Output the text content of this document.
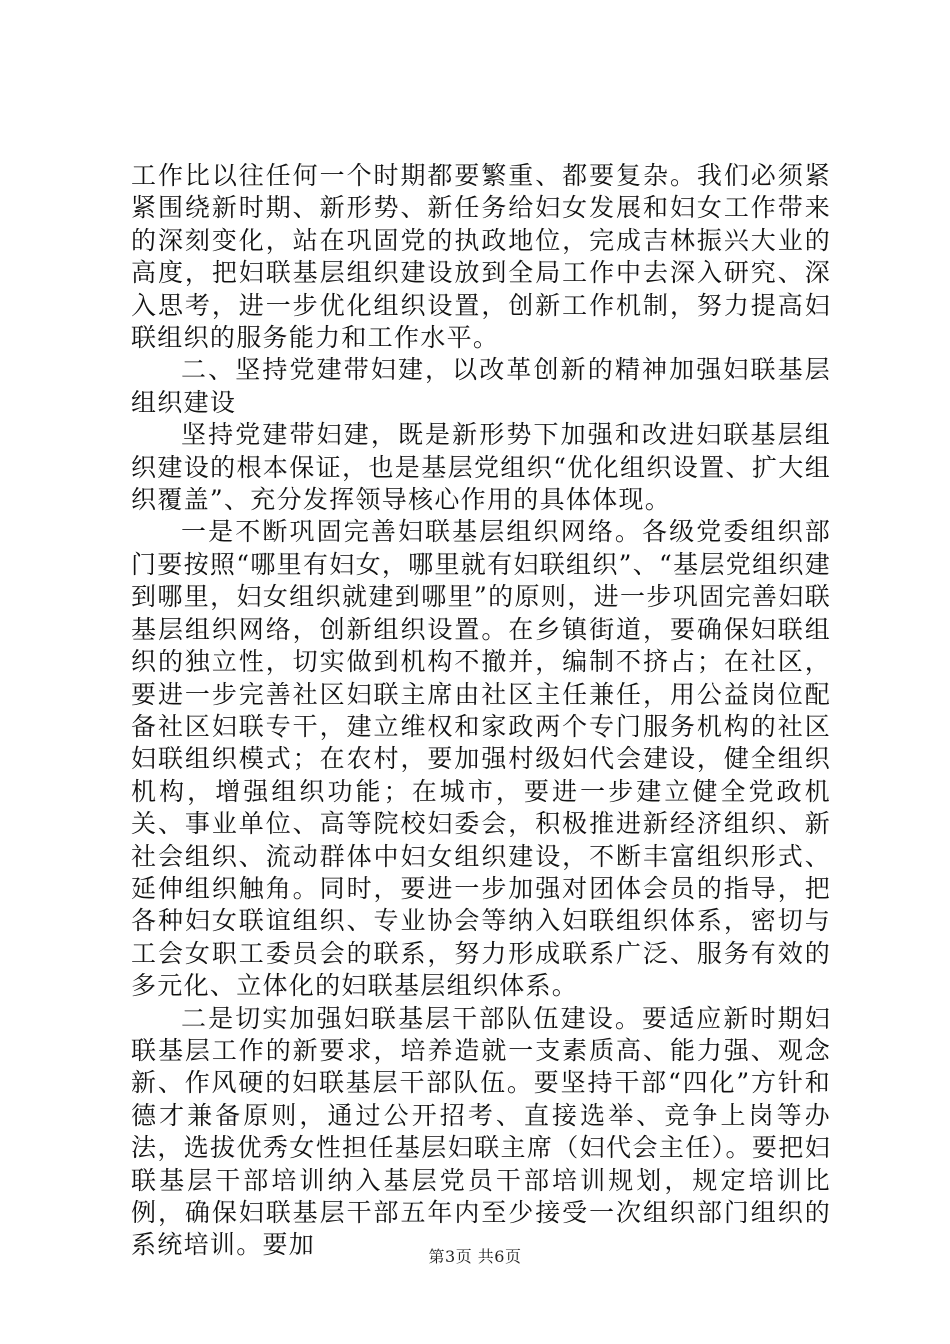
工作比以往任何一个时期都要繁重、都要复杂。我们必须紧紧围绕新时期、新形势、新任务给妇女发展和妇女工作带来的深刻变化，站在巩固党的执政地位，完成吉林振兴大业的高度，把妇联基层组织建设放到全局工作中去深入研究、深入思考，进一步优化组织设置，创新工作机制，努力提高妇联组织的服务能力和工作水平。

二、坚持党建带妇建，以改革创新的精神加强妇联基层组织建设

坚持党建带妇建，既是新形势下加强和改进妇联基层组织建设的根本保证，也是基层党组织“优化组织设置、扩大组织覆盖”、充分发挥领导核心作用的具体体现。

一是不断巩固完善妇联基层组织网络。各级党委组织部门要按照“哪里有妇女，哪里就有妇联组织”、“基层党组织建到哪里，妇女组织就建到哪里”的原则，进一步巩固完善妇联基层组织网络，创新组织设置。在乡镇街道，要确保妇联组织的独立性，切实做到机构不撤并，编制不挤占；在社区，要进一步完善社区妇联主席由社区主任兼任，用公益岗位配备社区妇联专干，建立维权和家政两个专门服务机构的社区妇联组织模式；在农村，要加强村级妇代会建设，健全组织机构，增强组织功能；在城市，要进一步建立健全党政机关、事业单位、高等院校妇委会，积极推进新经济组织、新社会组织、流动群体中妇女组织建设，不断丰富组织形式、延伸组织触角。同时，要进一步加强对团体会员的指导，把各种妇女联谊组织、专业协会等纳入妇联组织体系，密切与工会女职工委员会的联系，努力形成联系广泛、服务有效的多元化、立体化的妇联基层组织体系。

二是切实加强妇联基层干部队伍建设。要适应新时期妇联基层工作的新要求，培养造就一支素质高、能力强、观念新、作风硬的妇联基层干部队伍。要坚持干部“四化”方针和德才兼备原则，通过公开招考、直接选举、竞争上岗等办法，选拔优秀女性担任基层妇联主席（妇代会主任）。要把妇联基层干部培训纳入基层党员干部培训规划，规定培训比例，确保妇联基层干部五年内至少接受一次组织部门组织的系统培训。要加	第3页 共6页
